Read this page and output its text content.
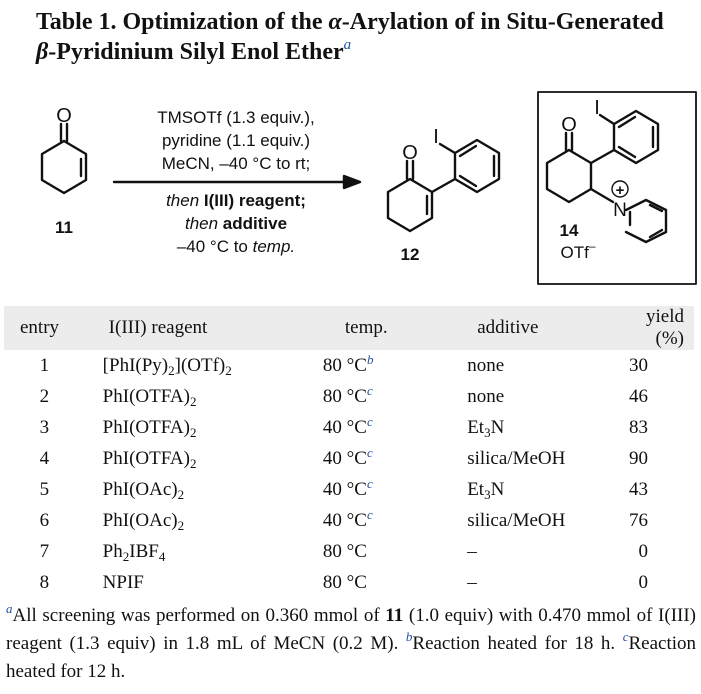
Table 1. Optimization of the α-Arylation of in Situ-Generated β-Pyridinium Silyl Enol Ether$^a$
O
11
O
I
12
O
I
+
N
14
OTf–
TMSOTf (1.3 equiv.),
pyridine (1.1 equiv.)
MeCN, –40 °C to rt;
then I(III) reagent;
then additive
–40 °C to temp.
entry	I(III) reagent	temp.	additive	yield (%)
1	$[PhI(Py)_2](OTf)_2$	80 °C$^b$	none	30
2	$PhI(OTFA)_2$	80 °C$^c$	none	46
3	$PhI(OTFA)_2$	40 °C$^c$	$Et_3N$	83
4	$PhI(OTFA)_2$	40 °C$^c$	silica/MeOH	90
5	$PhI(OAc)_2$	40 °C$^c$	$Et_3N$	43
6	$PhI(OAc)_2$	40 °C$^c$	silica/MeOH	76
7	$Ph_2IBF_4$	80 °C	–	0
8	NPIF	80 °C	–	0
$^a$All screening was performed on 0.360 mmol of 11 (1.0 equiv) with 0.470 mmol of I(III) reagent (1.3 equiv) in 1.8 mL of MeCN (0.2 M). $^b$Reaction heated for 18 h. $^c$Reaction heated for 12 h.
